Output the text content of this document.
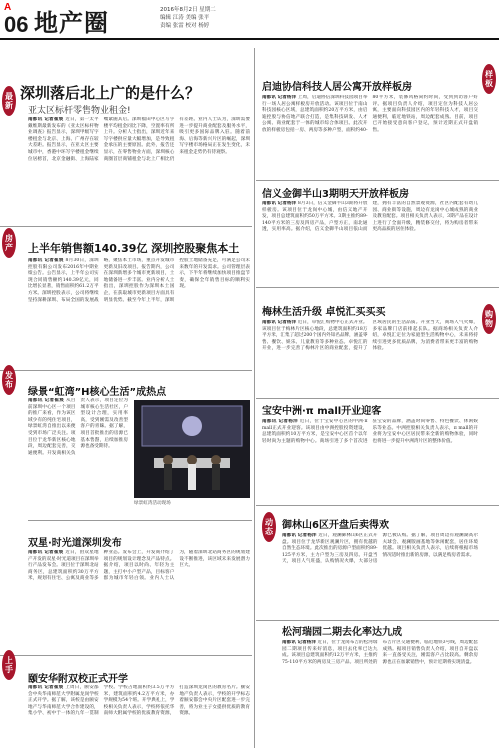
A
06 地产圈	2016年8月2日 星期二
编辑 江涛 美编 张平
责编 张雷 校对 杨婷
最新
深圳落后北上广的是什么？
亚太区标杆零售物业租金!
南都讯 记者崔宸 近日，第一太平戴维斯最新发布的《亚太区标杆物业调查》报告显示，深圳甲级写字楼租金与北京、上海、广州存在较大差距。报告显示，在亚太区主要城市中，香港中环写字楼租金继续位居榜首，北京金融街、上海陆家嘴紧随其后。深圳福田中心区写字楼平均租金同比下降，空置率有所上升。分析人士指出，深圳近年来写字楼供应量大幅增加，是导致租金承压的主要原因。此外，报告还显示，在零售物业方面，深圳核心商圈首层商铺租金与北上广相比仍有差距。业内人士认为，深圳需要进一步提升商业配套及服务水平，吸引更多国际品牌入驻。随着前海、后海等新兴片区的崛起，深圳写字楼市场格局正在发生变化，未来租金走势仍有待观察。
房产 上半年销售额140.39亿 深圳控股聚焦本土
南都讯 记者崔宸 8月30日，深圳控股有限公司发布2016年中期业绩公告。公告显示，上半年公司实现合同销售额约140.39亿元，同比增长显著，销售面积约61.2万平方米。深圳控股表示，公司将继续坚持深耕深圳、布局全国的发展战略，聚焦本土市场，重点开发城市更新及旧改项目。报告期内，公司在深圳新增多个城市更新项目，土地储备进一步丰富。业内分析人士指出，深圳控股作为深圳本土国企，在获取城市更新项目方面具有明显优势。截至今年上半年，深圳控股土地储备充足，可满足公司未来数年的开发需求。公司管理层表示，下半年将继续加快项目推盘节奏，确保全年销售目标的顺利实现。
发布
绿景“虹湾”H核心生活”成热点
南都讯 记者崔宸 从目前深圳中心区一个项目的推广来看，作为该区域少有的纯住宅项目，绿景虹湾自推出以来便受到市场广泛关注。项目位于龙华新区核心地段，周边配套完善，交通便利。开发商相关负责人表示，项目定位为城市核心生活社区，户型设计合理，实用率高，受到刚需及改善型客户的青睐。据了解，项目首批推出的房源已基本售罄，后续加推房源也备受期待。
绿景虹湾活动现场
双星·时光道深圳发布
南都讯 记者崔宸 近日，由双星地产开发的双星·时光道项目在深圳举行产品发布会。项目位于深圳北站商务区，总建筑面积约30万平方米，规划有住宅、公寓及商业等多种业态。发布会上，开发商介绍了项目的规划设计理念及产品特点。据介绍，项目以时尚、年轻为主题，主打中小户型产品，目标客户群为城市年轻白领。业内人士认为，随着深圳北站商务区的规划建设不断推进，该区域未来发展潜力巨大。
上手
颐安华附双校正式开学
南都讯 记者崔宸 上周日，颐安都会中央华南师范大学附属龙岗学校正式开学。据了解，该校是由颐安地产与华南师范大学合作建设的，集小学、初中于一体的九年一贯制学校。学校占地面积约3.5万平方米，建筑面积约4.2万平方米，办学规模为54个班。开学典礼上，学校相关负责人表示，学校将依托华南师大附属学校的优质教育资源，打造深圳龙岗区的教育名片。颐安地产负责人表示，学校的开学标志着颐安都会中央片区配套进一步完善，将为业主子女提供优质的教育资源。
样板
启迪协信科技人居公寓开放样板房
南都讯 记者杨洋 上周，启迪协信深圳科技园项目举行一场人居公寓样板房开放活动。该项目位于南山科技园核心区域，总建筑面积约20万平方米，由启迪控股与协信地产联合打造，是集科技研发、人才公寓、商业配套于一体的城市综合体项目。此次开放的样板房包括一房、两房等多种户型，面积约40-80平方米，装修风格简约时尚，受到到访客户好评。据项目负责人介绍，项目定位为科技人居公寓，主要面向科技园区内的年轻科技人才，项目交通便利，临近地铁站，周边配套成熟。目前，项目已开始接受意向客户登记，预计近期正式开盘销售。
信义金御半山3期明天开放样板房
南都讯 记者杨洋 8月3日，信义金御半山3期将开放样板房。该项目位于龙岗中心城，由信义地产开发，项目总建筑面积约50万平方米。3期主推约89-140平方米的三房及四房产品，户型方正，南北通透，实用率高。据介绍，信义金御半山项目依山而建，拥有丰富的自然景观资源，社区内配套有幼儿园、商业街等设施，周边有龙岗中心城成熟的商业及教育配套。项目相关负责人表示，3期产品在设计上进行了全面升级，精装修交付，将为购房者带来更高品质的居住体验。
购物
梅林生活升级 卓悦汇买买买
南都讯 记者杨洋 近日，卓悦汇购物中心正式开业。该项目位于梅林片区核心地段，总建筑面积约18万平方米，汇集了超过200个国内外知名品牌，涵盖零售、餐饮、娱乐、儿童教育等多种业态。卓悦汇的开业，进一步完善了梅林片区的商业配套，提升了区域居民的生活品质。开业当天，商场人气火爆，多家品牌门店前排起长队。据商场相关负责人介绍，卓悦汇定位为家庭型生活购物中心，未来将持续引进更多优质品牌，为消费者带来更丰富的购物体验。
宝安中洲·π mall开业迎客
南都讯 记者杨洋 近日，位于宝安中心区的中洲·π mall正式开业迎客。该项目由中洲控股投资建设，总建筑面积约10万平方米，是宝安中心区首个以年轻时尚为主题的购物中心。商场引进了多个首次进驻宝安的品牌，涵盖时尚零售、特色餐饮、休闲娱乐等业态。中洲控股相关负责人表示，π mall的开业将为宝安中心区居民带来全新的购物体验，同时也将进一步提升中洲湾片区的整体价值。
动态
御林山6区开盘后卖得欢
南都讯 记者杨洋 近日，观澜御林山6区正式开盘。项目位于龙华新区观澜片区，拥有优越的自然生态环境。此次推出的房源户型面积约89-125平方米，主力户型为三房及四房。开盘当天，项目人气旺盛，认购情况火爆，大部分房源已被认购。据了解，项目周边有观澜湖高尔夫球会、观澜版画基地等休闲配套，居住环境优越。项目相关负责人表示，后续将根据市场情况适时推出新的房源，以满足购房者需求。
松河瑞园二期去化率达九成
南都讯 记者杨洋 近日，位于龙岗布吉的松河瑞园二期项目传来好消息，项目去化率已达九成。该项目总建筑面积约12万平方米，主推约75-110平方米的两房及三房产品。项目所处的布吉片区交通便利，临近地铁3号线，周边配套成熟。据项目销售负责人介绍，项目自开盘以来一直备受关注，刚需客户占比较高。剩余房源也正在加紧销售中，预计近期将实现清盘。
